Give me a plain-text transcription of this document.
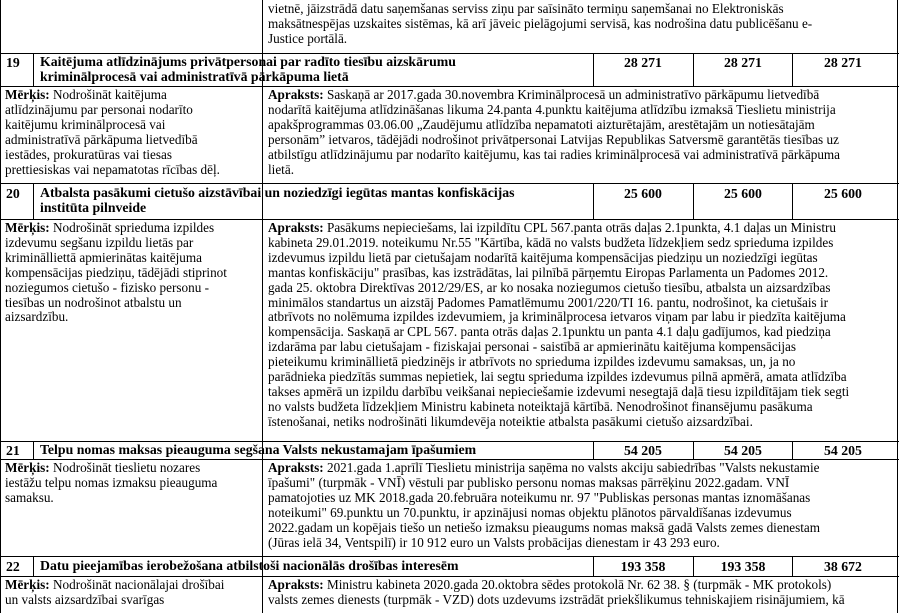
vietnē, jāizstrādā datu saņemšanas serviss ziņu par saīsināto termiņu saņemšanai no Elektroniskās
maksātnespējas uzskaites sistēmas, kā arī jāveic pielāgojumi servisā, kas nodrošina datu publicēšanu e-
Justice portālā.
19 Kaitējuma atlīdzinājums privātpersonai par radīto tiesību aizskārumu
kriminālprocesā vai administratīvā pārkāpuma lietā
28 271	28 271	28 271
Mērķis: Nodrošināt kaitējuma
atlīdzinājumu par personai nodarīto
kaitējumu kriminālprocesā vai
administratīvā pārkāpuma lietvedībā
iestādes, prokuratūras vai tiesas
prettiesiskas vai nepamatotas rīcības dēļ.
Apraksts: Saskaņā ar 2017.gada 30.novembra Kriminālprocesā un administratīvo pārkāpumu lietvedībā
nodarītā kaitējuma atlīdzināšanas likuma 24.panta 4.punktu kaitējuma atlīdzību izmaksā Tieslietu ministrija
apakšprogrammas 03.06.00 „Zaudējumu atlīdzība nepamatoti aizturētajām, arestētajām un notiesātajām
personām” ietvaros, tādējādi nodrošinot privātpersonai Latvijas Republikas Satversmē garantētās tiesības uz
atbilstīgu atlīdzinājumu par nodarīto kaitējumu, kas tai radies kriminālprocesā vai administratīvā pārkāpuma
lietā.
20 Atbalsta pasākumi cietušo aizstāvībai un noziedzīgi iegūtas mantas konfiskācijas
institūta pilnveide
25 600	25 600	25 600
Mērķis: Nodrošināt sprieduma izpildes
izdevumu segšanu izpildu lietās par
kriminālliettā apmierinātas kaitējuma
kompensācijas piedziņu, tādējādi stiprinot
noziegumos cietušo - fizisko personu -
tiesības un nodrošinot atbalstu un
aizsardzību.
Apraksts: Pasākums nepieciešams, lai izpildītu CPL 567.panta otrās daļas 2.1punkta, 4.1 daļas un Ministru
kabineta 29.01.2019. noteikumu Nr.55 "Kārtība, kādā no valsts budžeta līdzekļiem sedz sprieduma izpildes
izdevumus izpildu lietā par cietušajam nodarītā kaitējuma kompensācijas piedziņu un noziedzīgi iegūtas
mantas konfiskāciju" prasības, kas izstrādātas, lai pilnībā pārņemtu Eiropas Parlamenta un Padomes 2012.
gada 25. oktobra Direktīvas 2012/29/ES, ar ko nosaka noziegumos cietušo tiesību, atbalsta un aizsardzības
minimālos standartus un aizstāj Padomes Pamatlēmumu 2001/220/TI 16. pantu, nodrošinot, ka cietušais ir
atbrīvots no nolēmuma izpildes izdevumiem, ja kriminālprocesa ietvaros viņam par labu ir piedzīta kaitējuma
kompensācija. Saskaņā ar CPL 567. panta otrās daļas 2.1punktu un panta 4.1 daļu gadījumos, kad piedziņa
izdarāma par labu cietušajam - fiziskajai personai - saistībā ar apmierinātu kaitējuma kompensācijas
pieteikumu krimināllietā piedzinējs ir atbrīvots no sprieduma izpildes izdevumu samaksas, un, ja no
parādnieka piedzītās summas nepietiek, lai segtu sprieduma izpildes izdevumus pilnā apmērā, amata atlīdzība
takses apmērā un izpildu darbību veikšanai nepieciešamie izdevumi nesegtajā daļā tiesu izpildītājam tiek segti
no valsts budžeta līdzekļiem Ministru kabineta noteiktajā kārtībā. Nenodrošinot finansējumu pasākuma
īstenošanai, netiks nodrošināti likumdevēja noteiktie atbalsta pasākumi cietušo aizsardzībai.
21 Telpu nomas maksas pieauguma segšana Valsts nekustamajam īpašumiem	54 205	54 205	54 205
Mērķis: Nodrošināt tieslietu nozares
iestāžu telpu nomas izmaksu pieauguma
samaksu.
Apraksts: 2021.gada 1.aprīlī Tieslietu ministrija saņēma no valsts akciju sabiedrības "Valsts nekustamie
īpašumi" (turpmāk - VNĪ) vēstuli par publisko personu nomas maksas pārrēķinu 2022.gadam. VNĪ
pamatojoties uz MK 2018.gada 20.februāra noteikumu nr. 97 "Publiskas personas mantas iznomāšanas
noteikumi" 69.punktu un 70.punktu, ir apzinājusi nomas objektu plānotos pārvaldīšanas izdevumus
2022.gadam un kopējais tiešo un netiešo izmaksu pieaugums nomas maksā gadā Valsts zemes dienestam
(Jūras ielā 34, Ventspilī) ir 10 912 euro un Valsts probācijas dienestam ir 43 293 euro.
22 Datu pieejamības ierobežošana atbilstoši nacionālās drošības interesēm	193 358	193 358	38 672
Mērķis: Nodrošināt nacionālajai drošībai
un valsts aizsardzībai svarīgas
Apraksts: Ministru kabineta 2020.gada 20.oktobra sēdes protokolā Nr. 62 38. § (turpmāk - MK protokols)
valsts zemes dienests (turpmāk - VZD) dots uzdevums izstrādāt priekšlikumus tehniskajiem risinājumiem, kā
